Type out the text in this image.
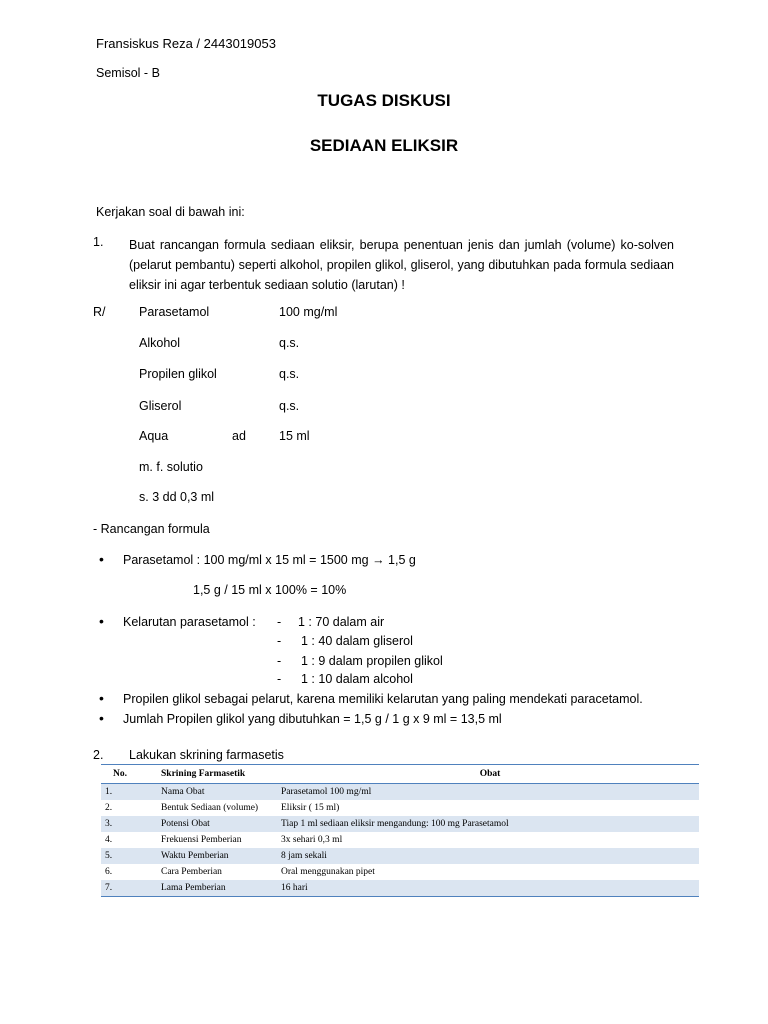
Fransiskus Reza / 2443019053
Semisol - B
TUGAS DISKUSI
SEDIAAN ELIKSIR
Kerjakan soal di bawah ini:
1. Buat rancangan formula sediaan eliksir, berupa penentuan jenis dan jumlah (volume) ko-solven (pelarut pembantu) seperti alkohol, propilen glikol, gliserol, yang dibutuhkan pada formula sediaan eliksir ini agar terbentuk sediaan solutio (larutan) !
R/	Parasetamol	100 mg/ml
Alkohol	q.s.
Propilen glikol	q.s.
Gliserol	q.s.
Aqua	ad	15 ml
m. f. solutio
s. 3 dd 0,3 ml
- Rancangan formula
• Parasetamol : 100 mg/ml x 15 ml = 1500 mg → 1,5 g
1,5 g / 15 ml x 100% = 10%
• Kelarutan parasetamol : - 1 : 70 dalam air
- 1 : 40 dalam gliserol
- 1 : 9 dalam propilen glikol
- 1 : 10 dalam alcohol
• Propilen glikol sebagai pelarut, karena memiliki kelarutan yang paling mendekati paracetamol.
• Jumlah Propilen glikol yang dibutuhkan = 1,5 g / 1 g x 9 ml = 13,5 ml
2. Lakukan skrining farmasetis
No.	Skrining Farmasetik	Obat
1.	Nama Obat	Parasetamol 100 mg/ml
2.	Bentuk Sediaan (volume)	Eliksir ( 15 ml)
3.	Potensi Obat	Tiap 1 ml sediaan eliksir mengandung: 100 mg Parasetamol
4.	Frekuensi Pemberian	3x sehari 0,3 ml
5.	Waktu Pemberian	8 jam sekali
6.	Cara Pemberian	Oral menggunakan pipet
7.	Lama Pemberian	16 hari
